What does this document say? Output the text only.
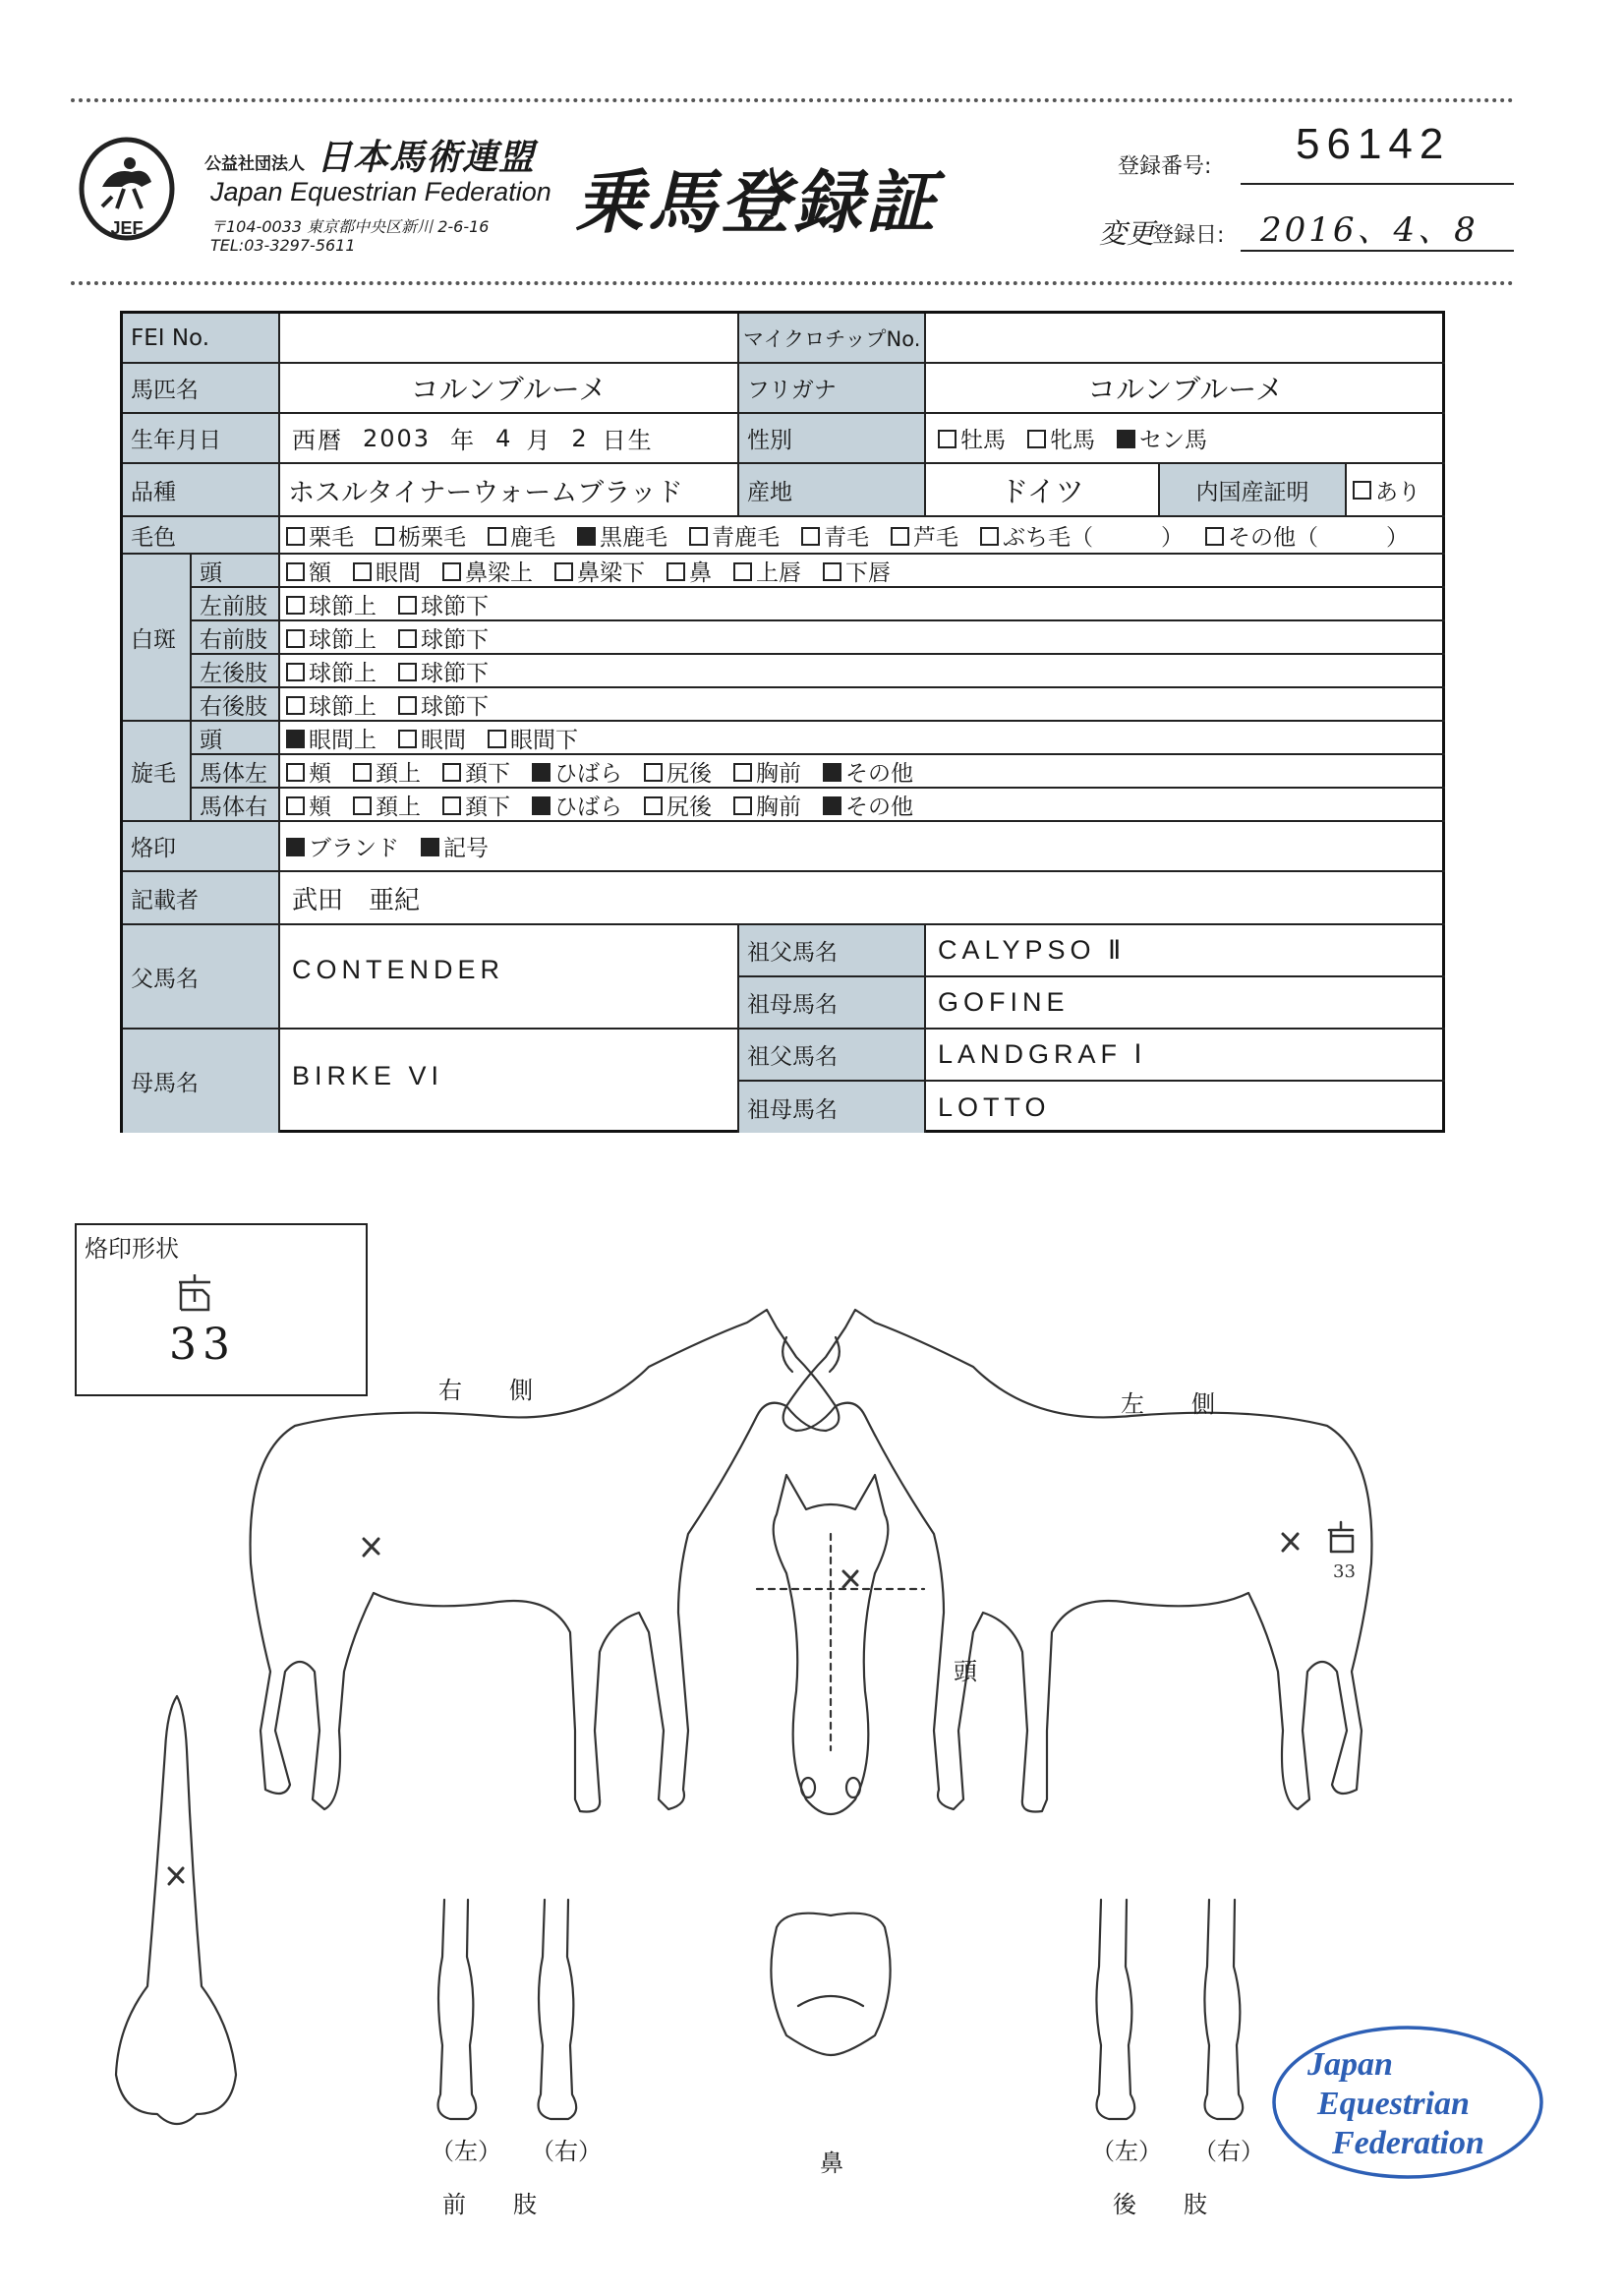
JEF
公益社団法人 日本馬術連盟
Japan Equestrian Federation
〒104-0033 東京都中央区新川 2-6-16
TEL:03-3297-5611
乗馬登録証	登録番号: 56142
変更
登録日: 2016、4、8
FEI No.	マイクロチップNo.
馬匹名	コルンブルーメ	フリガナ	コルンブルーメ
生年月日	西暦 2003 年 4 月 2 日生	性別	牡馬	牝馬	セン馬
品種	ホスルタイナーウォームブラッド	産地	ドイツ	内国産証明	あり
毛色	栗毛	栃栗毛	鹿毛	黒鹿毛	青鹿毛	青毛	芦毛	ぶち毛（　　　）	その他（　　　）
白斑
頭	額	眼間	鼻梁上	鼻梁下	鼻	上唇	下唇
左前肢	球節上	球節下
右前肢	球節上	球節下
左後肢	球節上	球節下
右後肢	球節上	球節下
旋毛
頭	眼間上	眼間	眼間下
馬体左	頬	頚上	頚下	ひばら	尻後	胸前	その他
馬体右	頬	頚上	頚下	ひばら	尻後	胸前	その他
烙印	ブランド	記号
記載者	武田　亜紀
父馬名	CONTENDER
祖父馬名	CALYPSO Ⅱ
祖母馬名	GOFINE
母馬名	BIRKE VI
祖父馬名	LANDGRAF Ⅰ
祖母馬名	LOTTO
烙印形状
33
33
Japan
Equestrian
Federation
右　　側	左　　側
頭
鼻
（左） （右）
前　　肢
（左） （右）
後　　肢
